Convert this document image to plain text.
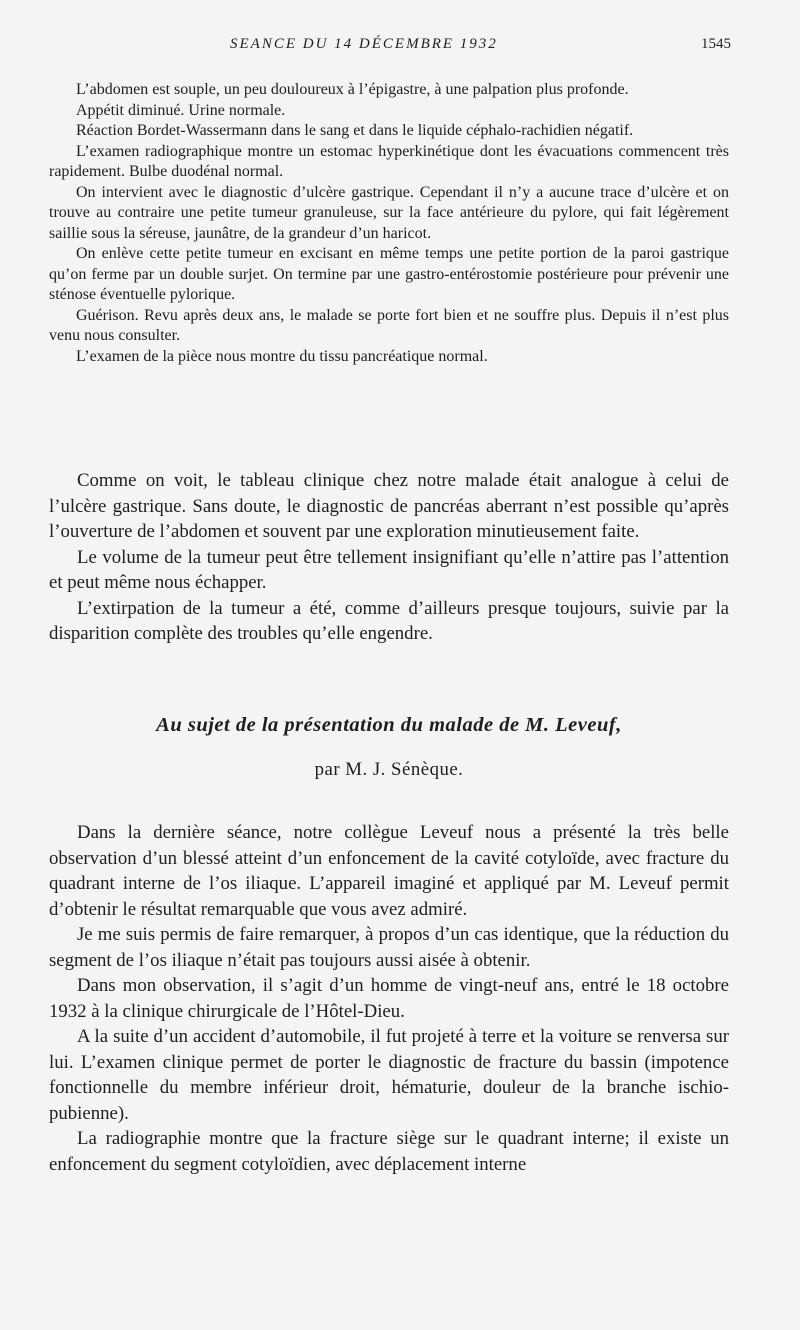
SEANCE DU 14 DÉCEMBRE 1932	1545

L’abdomen est souple, un peu douloureux à l’épigastre, à une palpation plus profonde.

Appétit diminué. Urine normale.

Réaction Bordet-Wassermann dans le sang et dans le liquide céphalo-rachidien négatif.

L’examen radiographique montre un estomac hyperkinétique dont les évacuations commencent très rapidement. Bulbe duodénal normal.

On intervient avec le diagnostic d’ulcère gastrique. Cependant il n’y a aucune trace d’ulcère et on trouve au contraire une petite tumeur granuleuse, sur la face antérieure du pylore, qui fait légèrement saillie sous la séreuse, jaunâtre, de la grandeur d’un haricot.

On enlève cette petite tumeur en excisant en même temps une petite portion de la paroi gastrique qu’on ferme par un double surjet. On termine par une gastro-entérostomie postérieure pour prévenir une sténose éventuelle pylorique.

Guérison. Revu après deux ans, le malade se porte fort bien et ne souffre plus. Depuis il n’est plus venu nous consulter.

L’examen de la pièce nous montre du tissu pancréatique normal.

Comme on voit, le tableau clinique chez notre malade était analogue à celui de l’ulcère gastrique. Sans doute, le diagnostic de pancréas aberrant n’est possible qu’après l’ouverture de l’abdomen et souvent par une exploration minutieusement faite.

Le volume de la tumeur peut être tellement insignifiant qu’elle n’attire pas l’attention et peut même nous échapper.

L’extirpation de la tumeur a été, comme d’ailleurs presque toujours, suivie par la disparition complète des troubles qu’elle engendre.

Au sujet de la présentation du malade de M. Leveuf,
par M. J. Sénèque.

Dans la dernière séance, notre collègue Leveuf nous a présenté la très belle observation d’un blessé atteint d’un enfoncement de la cavité cotyloïde, avec fracture du quadrant interne de l’os iliaque. L’appareil imaginé et appliqué par M. Leveuf permit d’obtenir le résultat remarquable que vous avez admiré.

Je me suis permis de faire remarquer, à propos d’un cas identique, que la réduction du segment de l’os iliaque n’était pas toujours aussi aisée à obtenir.

Dans mon observation, il s’agit d’un homme de vingt-neuf ans, entré le 18 octobre 1932 à la clinique chirurgicale de l’Hôtel-Dieu.

A la suite d’un accident d’automobile, il fut projeté à terre et la voiture se renversa sur lui. L’examen clinique permet de porter le diagnostic de fracture du bassin (impotence fonctionnelle du membre inférieur droit, hématurie, douleur de la branche ischio-pubienne).

La radiographie montre que la fracture siège sur le quadrant interne; il existe un enfoncement du segment cotyloïdien, avec déplacement interne
